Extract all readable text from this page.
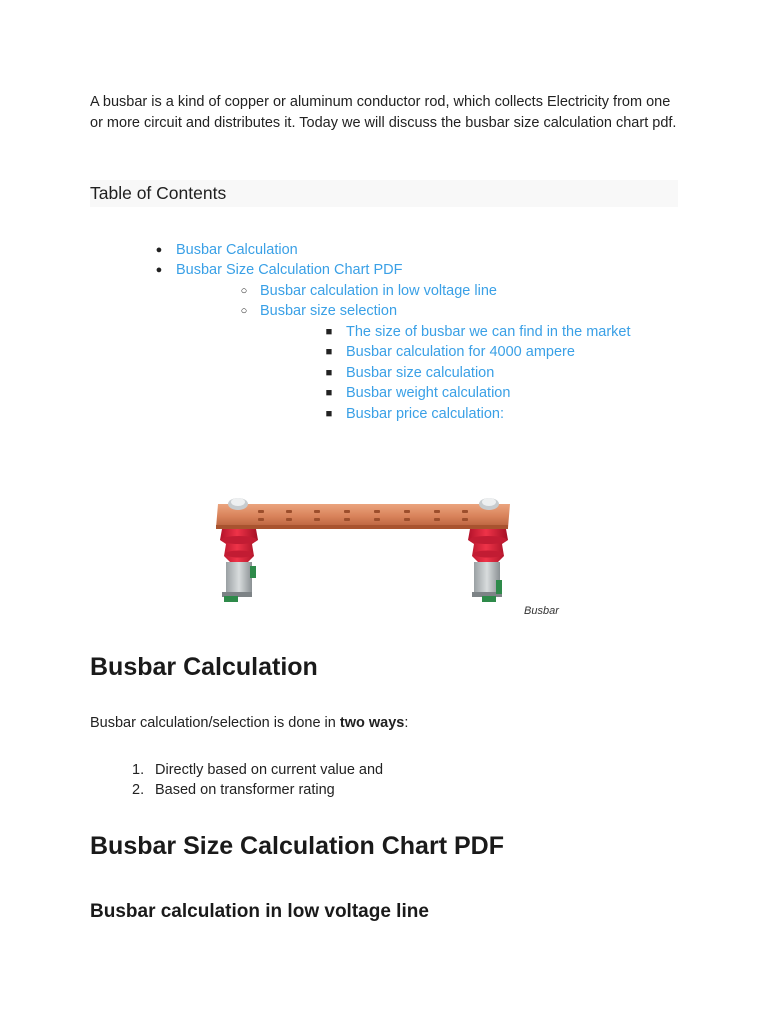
A busbar is a kind of copper or aluminum conductor rod, which collects Electricity from one or more circuit and distributes it. Today we will discuss the busbar size calculation chart pdf.

Table of Contents
● Busbar Calculation
● Busbar Size Calculation Chart PDF
○ Busbar calculation in low voltage line
○ Busbar size selection
■ The size of busbar we can find in the market
■ Busbar calculation for 4000 ampere
■ Busbar size calculation
■ Busbar weight calculation
■ Busbar price calculation:
Busbar
Busbar Calculation

Busbar calculation/selection is done in two ways:

1. Directly based on current value and
2. Based on transformer rating
Busbar Size Calculation Chart PDF
Busbar calculation in low voltage line
